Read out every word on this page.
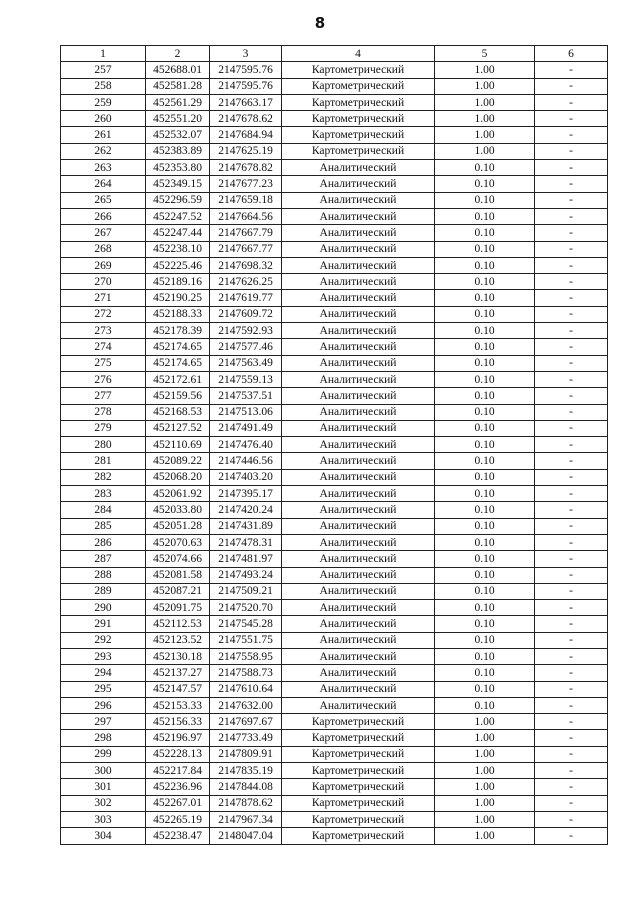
8
1	2	3	4	5	6
257	452688.01	2147595.76	Картометрический	1.00	-
258	452581.28	2147595.76	Картометрический	1.00	-
259	452561.29	2147663.17	Картометрический	1.00	-
260	452551.20	2147678.62	Картометрический	1.00	-
261	452532.07	2147684.94	Картометрический	1.00	-
262	452383.89	2147625.19	Картометрический	1.00	-
263	452353.80	2147678.82	Аналитический	0.10	-
264	452349.15	2147677.23	Аналитический	0.10	-
265	452296.59	2147659.18	Аналитический	0.10	-
266	452247.52	2147664.56	Аналитический	0.10	-
267	452247.44	2147667.79	Аналитический	0.10	-
268	452238.10	2147667.77	Аналитический	0.10	-
269	452225.46	2147698.32	Аналитический	0.10	-
270	452189.16	2147626.25	Аналитический	0.10	-
271	452190.25	2147619.77	Аналитический	0.10	-
272	452188.33	2147609.72	Аналитический	0.10	-
273	452178.39	2147592.93	Аналитический	0.10	-
274	452174.65	2147577.46	Аналитический	0.10	-
275	452174.65	2147563.49	Аналитический	0.10	-
276	452172.61	2147559.13	Аналитический	0.10	-
277	452159.56	2147537.51	Аналитический	0.10	-
278	452168.53	2147513.06	Аналитический	0.10	-
279	452127.52	2147491.49	Аналитический	0.10	-
280	452110.69	2147476.40	Аналитический	0.10	-
281	452089.22	2147446.56	Аналитический	0.10	-
282	452068.20	2147403.20	Аналитический	0.10	-
283	452061.92	2147395.17	Аналитический	0.10	-
284	452033.80	2147420.24	Аналитический	0.10	-
285	452051.28	2147431.89	Аналитический	0.10	-
286	452070.63	2147478.31	Аналитический	0.10	-
287	452074.66	2147481.97	Аналитический	0.10	-
288	452081.58	2147493.24	Аналитический	0.10	-
289	452087.21	2147509.21	Аналитический	0.10	-
290	452091.75	2147520.70	Аналитический	0.10	-
291	452112.53	2147545.28	Аналитический	0.10	-
292	452123.52	2147551.75	Аналитический	0.10	-
293	452130.18	2147558.95	Аналитический	0.10	-
294	452137.27	2147588.73	Аналитический	0.10	-
295	452147.57	2147610.64	Аналитический	0.10	-
296	452153.33	2147632.00	Аналитический	0.10	-
297	452156.33	2147697.67	Картометрический	1.00	-
298	452196.97	2147733.49	Картометрический	1.00	-
299	452228.13	2147809.91	Картометрический	1.00	-
300	452217.84	2147835.19	Картометрический	1.00	-
301	452236.96	2147844.08	Картометрический	1.00	-
302	452267.01	2147878.62	Картометрический	1.00	-
303	452265.19	2147967.34	Картометрический	1.00	-
304	452238.47	2148047.04	Картометрический	1.00	-
